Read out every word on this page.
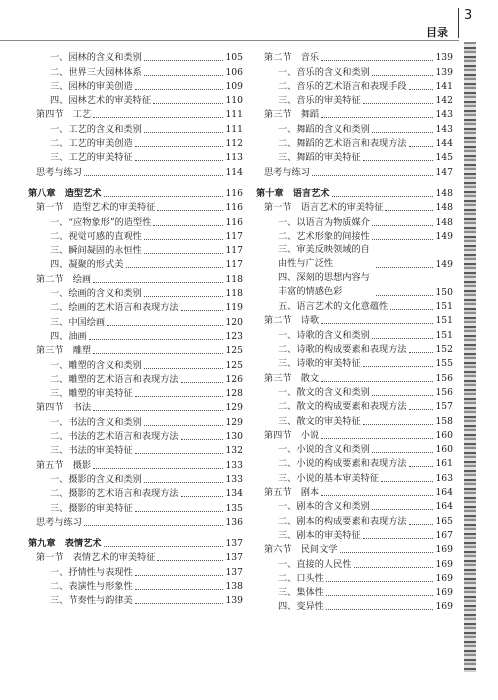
3
目录
一、园林的含义和类别	105
二、世界三大园林体系	106
三、园林的审美创造	109
四、园林艺术的审美特征	110
第四节　工艺	111
一、工艺的含义和类别	111
二、工艺的审美创造	112
三、工艺的审美特征	113
思考与练习	114
第八章　造型艺术	116
第一节　造型艺术的审美特征	116
一、“应物象形”的造型性	116
二、视觉可感的直观性	117
三、瞬间凝固的永恒性	117
四、凝聚的形式美	117
第二节　绘画	118
一、绘画的含义和类别	118
二、绘画的艺术语言和表现方法	119
三、中国绘画	120
四、油画	123
第三节　雕塑	125
一、雕塑的含义和类别	125
二、雕塑的艺术语言和表现方法	126
三、雕塑的审美特征	128
第四节　书法	129
一、书法的含义和类别	129
二、书法的艺术语言和表现方法	130
三、书法的审美特征	132
第五节　摄影	133
一、摄影的含义和类别	133
二、摄影的艺术语言和表现方法	134
三、摄影的审美特征	135
思考与练习	136
第九章　表情艺术	137
第一节　表情艺术的审美特征	137
一、抒情性与表现性	137
二、表演性与形象性	138
三、节奏性与韵律美	139
第二节　音乐	139
一、音乐的含义和类别	139
二、音乐的艺术语言和表现手段	141
三、音乐的审美特征	142
第三节　舞蹈	143
一、舞蹈的含义和类别	143
二、舞蹈的艺术语言和表现方法	144
三、舞蹈的审美特征	145
思考与练习	147
第十章　语言艺术	148
第一节　语言艺术的审美特征	148
一、以语言为物质媒介	148
二、艺术形象的间接性	149
三、审美反映领域的自由性与广泛性	149
四、深刻的思想内容与丰富的情感色彩	150
五、语言艺术的文化意蕴性	151
第二节　诗歌	151
一、诗歌的含义和类别	151
二、诗歌的构成要素和表现方法	152
三、诗歌的审美特征	155
第三节　散文	156
一、散文的含义和类别	156
二、散文的构成要素和表现方法	157
三、散文的审美特征	158
第四节　小说	160
一、小说的含义和类别	160
二、小说的构成要素和表现方法	161
三、小说的基本审美特征	163
第五节　剧本	164
一、剧本的含义和类别	164
二、剧本的构成要素和表现方法	165
三、剧本的审美特征	167
第六节　民间文学	169
一、直接的人民性	169
二、口头性	169
三、集体性	169
四、变异性	169
